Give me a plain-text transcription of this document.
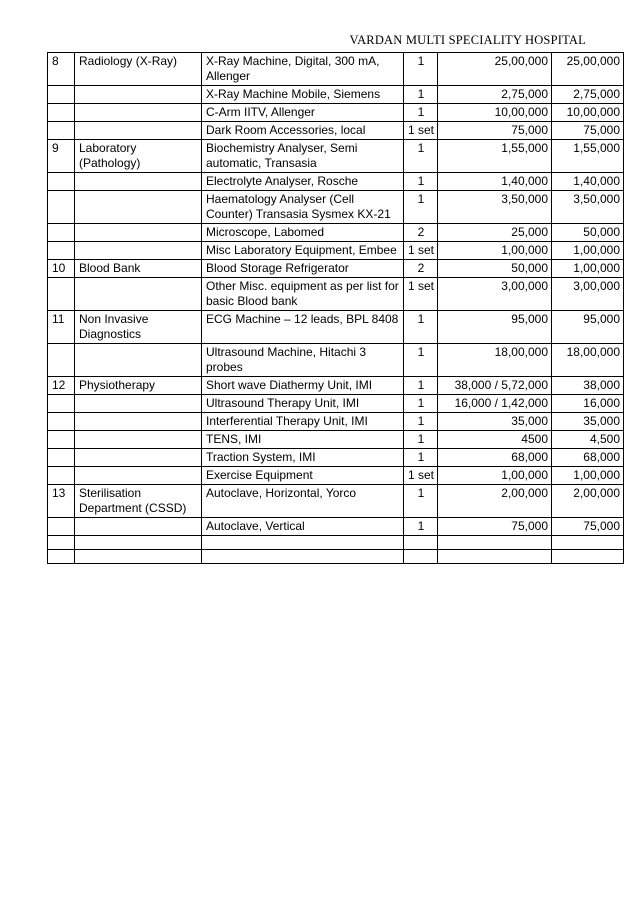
VARDAN MULTI SPECIALITY HOSPITAL
8	Radiology (X-Ray)	X-Ray Machine, Digital, 300 mA, Allenger	1	25,00,000	25,00,000
		X-Ray Machine Mobile, Siemens	1	2,75,000	2,75,000
		C-Arm IITV, Allenger	1	10,00,000	10,00,000
		Dark Room Accessories, local	1 set	75,000	75,000
9	Laboratory (Pathology)	Biochemistry Analyser, Semi automatic, Transasia	1	1,55,000	1,55,000
		Electrolyte Analyser, Rosche	1	1,40,000	1,40,000
		Haematology Analyser (Cell Counter) Transasia Sysmex KX-21	1	3,50,000	3,50,000
		Microscope, Labomed	2	25,000	50,000
		Misc Laboratory Equipment, Embee	1 set	1,00,000	1,00,000
10	Blood Bank	Blood Storage Refrigerator	2	50,000	1,00,000
		Other Misc. equipment as per list for basic Blood bank	1 set	3,00,000	3,00,000
11	Non Invasive Diagnostics	ECG Machine – 12 leads, BPL 8408	1	95,000	95,000
		Ultrasound Machine, Hitachi 3 probes	1	18,00,000	18,00,000
12	Physiotherapy	Short wave Diathermy Unit, IMI	1	38,000 / 5,72,000	38,000
		Ultrasound Therapy Unit, IMI	1	16,000 / 1,42,000	16,000
		Interferential Therapy Unit, IMI	1	35,000	35,000
		TENS, IMI	1	4500	4,500
		Traction System, IMI	1	68,000	68,000
		Exercise Equipment	1 set	1,00,000	1,00,000
13	Sterilisation Department (CSSD)	Autoclave, Horizontal, Yorco	1	2,00,000	2,00,000
		Autoclave, Vertical	1	75,000	75,000
